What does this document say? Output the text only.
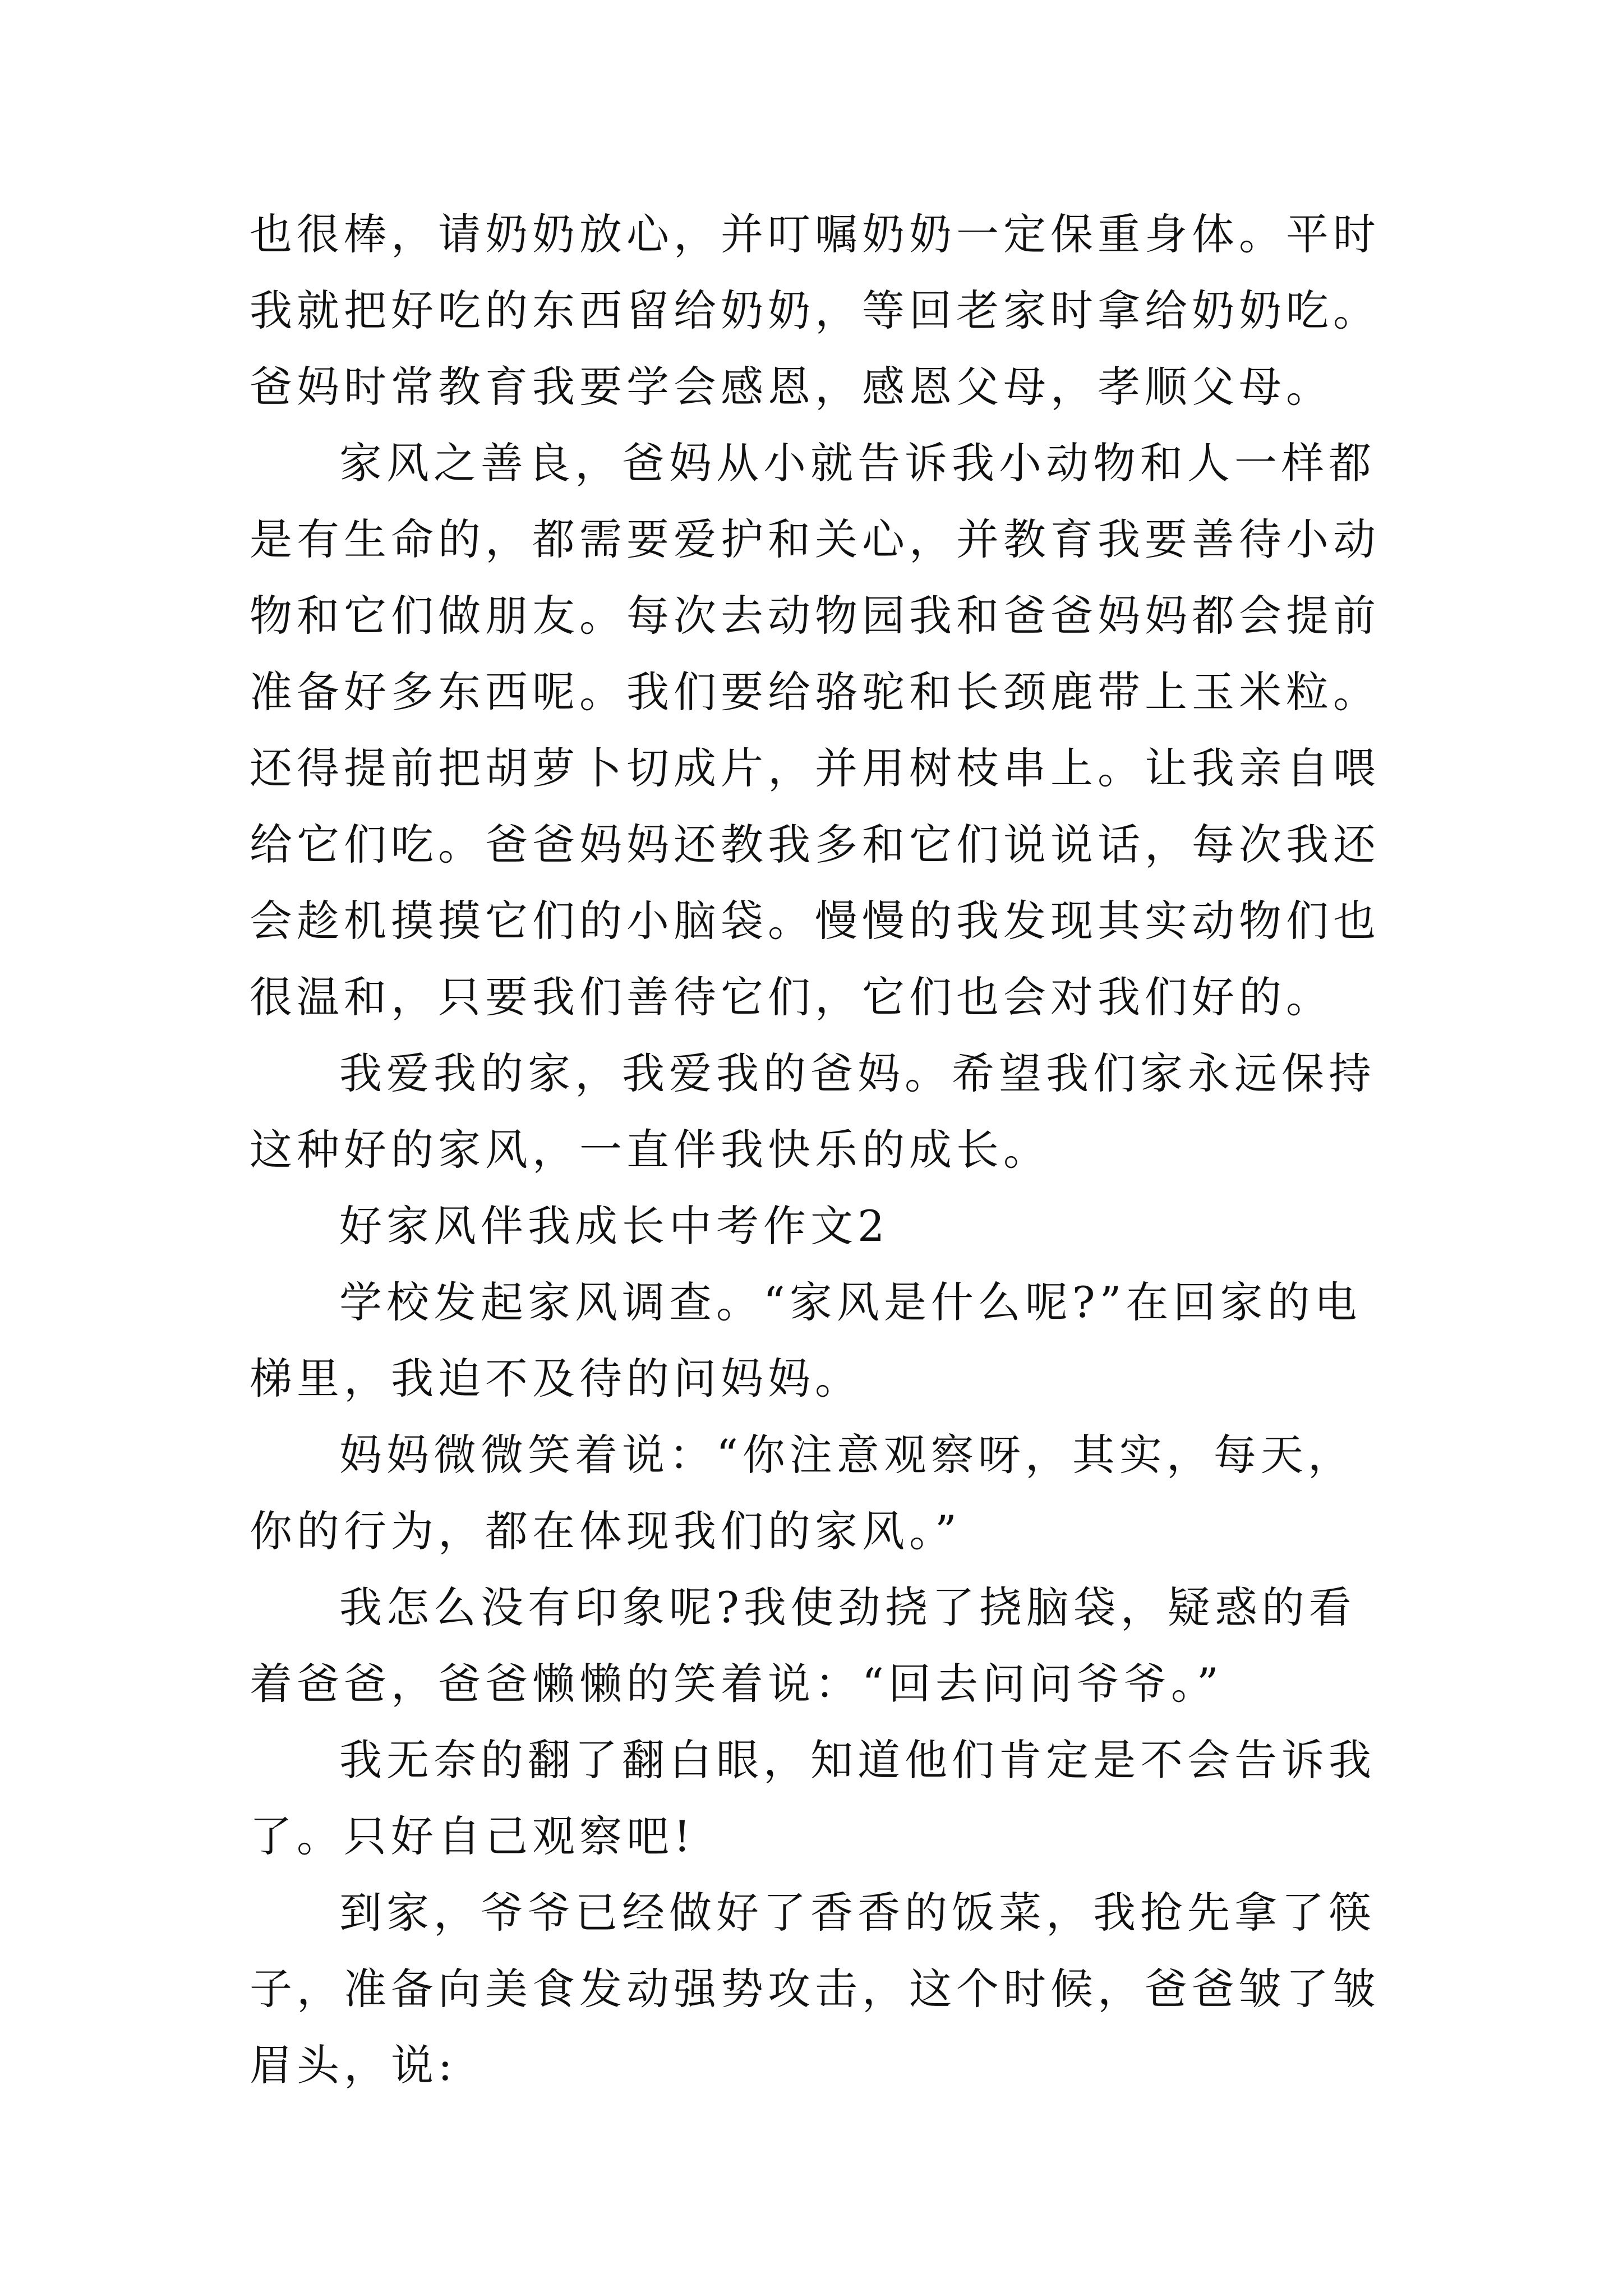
也很棒，请奶奶放心，并叮嘱奶奶一定保重身体。平时我就把好吃的东西留给奶奶，等回老家时拿给奶奶吃。爸妈时常教育我要学会感恩，感恩父母，孝顺父母。

家风之善良，爸妈从小就告诉我小动物和人一样都是有生命的，都需要爱护和关心，并教育我要善待小动物和它们做朋友。每次去动物园我和爸爸妈妈都会提前准备好多东西呢。我们要给骆驼和长颈鹿带上玉米粒。还得提前把胡萝卜切成片，并用树枝串上。让我亲自喂给它们吃。爸爸妈妈还教我多和它们说说话，每次我还会趁机摸摸它们的小脑袋。慢慢的我发现其实动物们也很温和，只要我们善待它们，它们也会对我们好的。

我爱我的家，我爱我的爸妈。希望我们家永远保持这种好的家风，一直伴我快乐的成长。

好家风伴我成长中考作文2

学校发起家风调查。“家风是什么呢?”在回家的电梯里，我迫不及待的问妈妈。

妈妈微微笑着说：“你注意观察呀，其实，每天，你的行为，都在体现我们的家风。”

我怎么没有印象呢?我使劲挠了挠脑袋，疑惑的看着爸爸，爸爸懒懒的笑着说：“回去问问爷爷。”

我无奈的翻了翻白眼，知道他们肯定是不会告诉我了。只好自己观察吧!

到家，爷爷已经做好了香香的饭菜，我抢先拿了筷子，准备向美食发动强势攻击，这个时候，爸爸皱了皱眉头，说:
